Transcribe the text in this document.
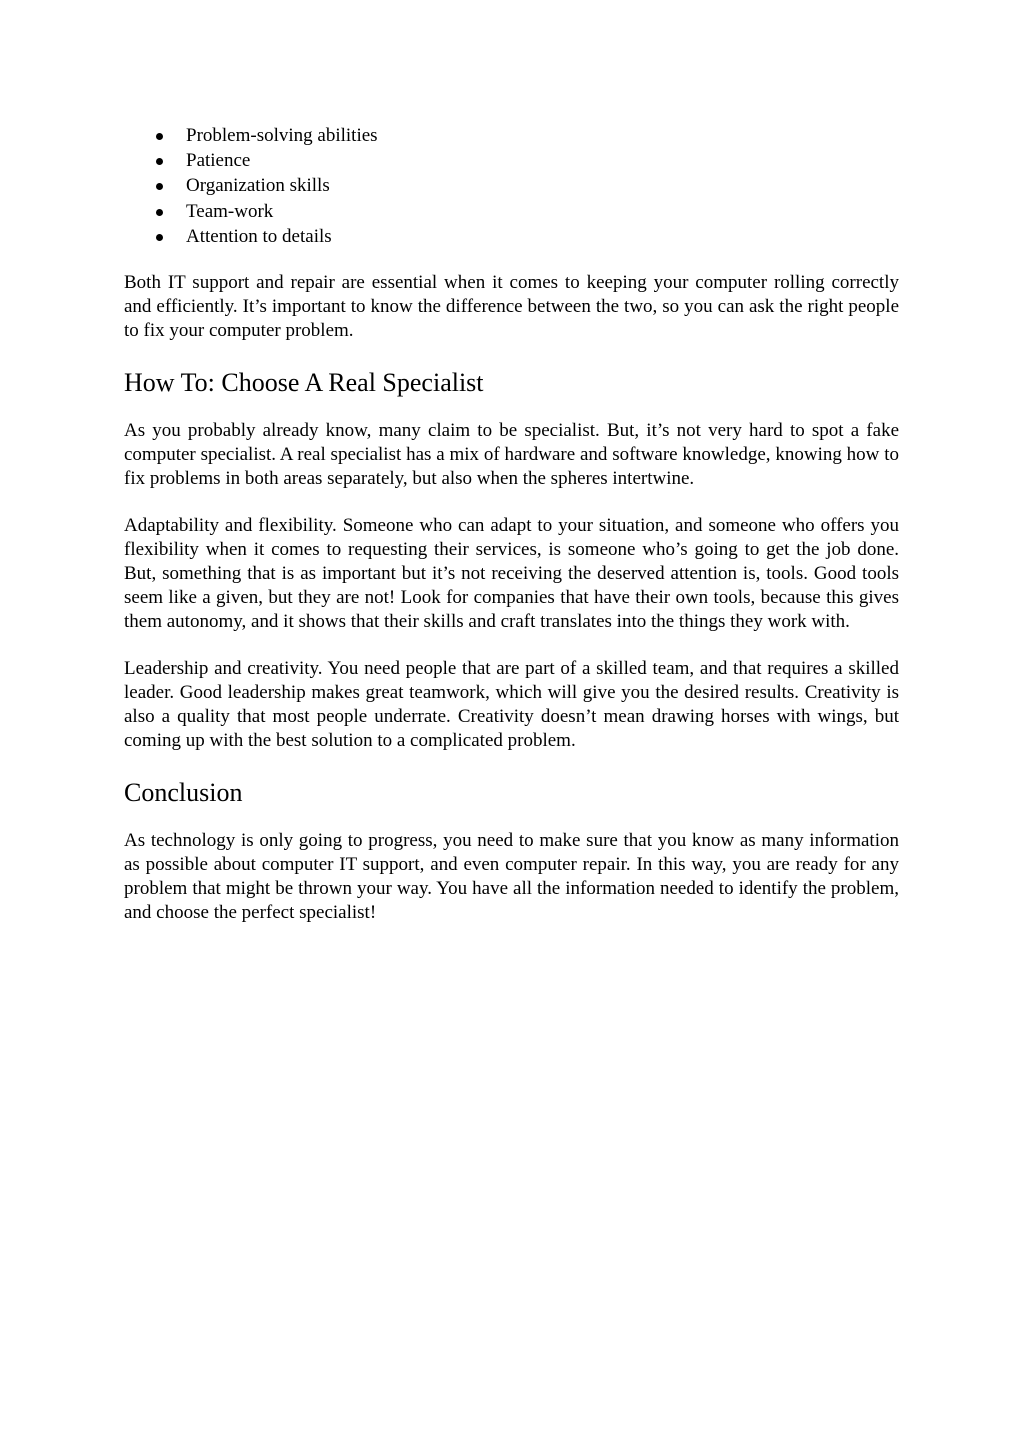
Problem-solving abilities
Patience
Organization skills
Team-work
Attention to details

Both IT support and repair are essential when it comes to keeping your computer rolling correctly and efficiently. It’s important to know the difference between the two, so you can ask the right people to fix your computer problem.

How To: Choose A Real Specialist

As you probably already know, many claim to be specialist. But, it’s not very hard to spot a fake computer specialist. A real specialist has a mix of hardware and software knowledge, knowing how to fix problems in both areas separately, but also when the spheres intertwine.

Adaptability and flexibility. Someone who can adapt to your situation, and someone who offers you flexibility when it comes to requesting their services, is someone who’s going to get the job done. But, something that is as important but it’s not receiving the deserved attention is, tools. Good tools seem like a given, but they are not! Look for companies that have their own tools, because this gives them autonomy, and it shows that their skills and craft translates into the things they work with.

Leadership and creativity. You need people that are part of a skilled team, and that requires a skilled leader. Good leadership makes great teamwork, which will give you the desired results. Creativity is also a quality that most people underrate. Creativity doesn’t mean drawing horses with wings, but coming up with the best solution to a complicated problem.

Conclusion

As technology is only going to progress, you need to make sure that you know as many information as possible about computer IT support, and even computer repair. In this way, you are ready for any problem that might be thrown your way. You have all the information needed to identify the problem, and choose the perfect specialist!
